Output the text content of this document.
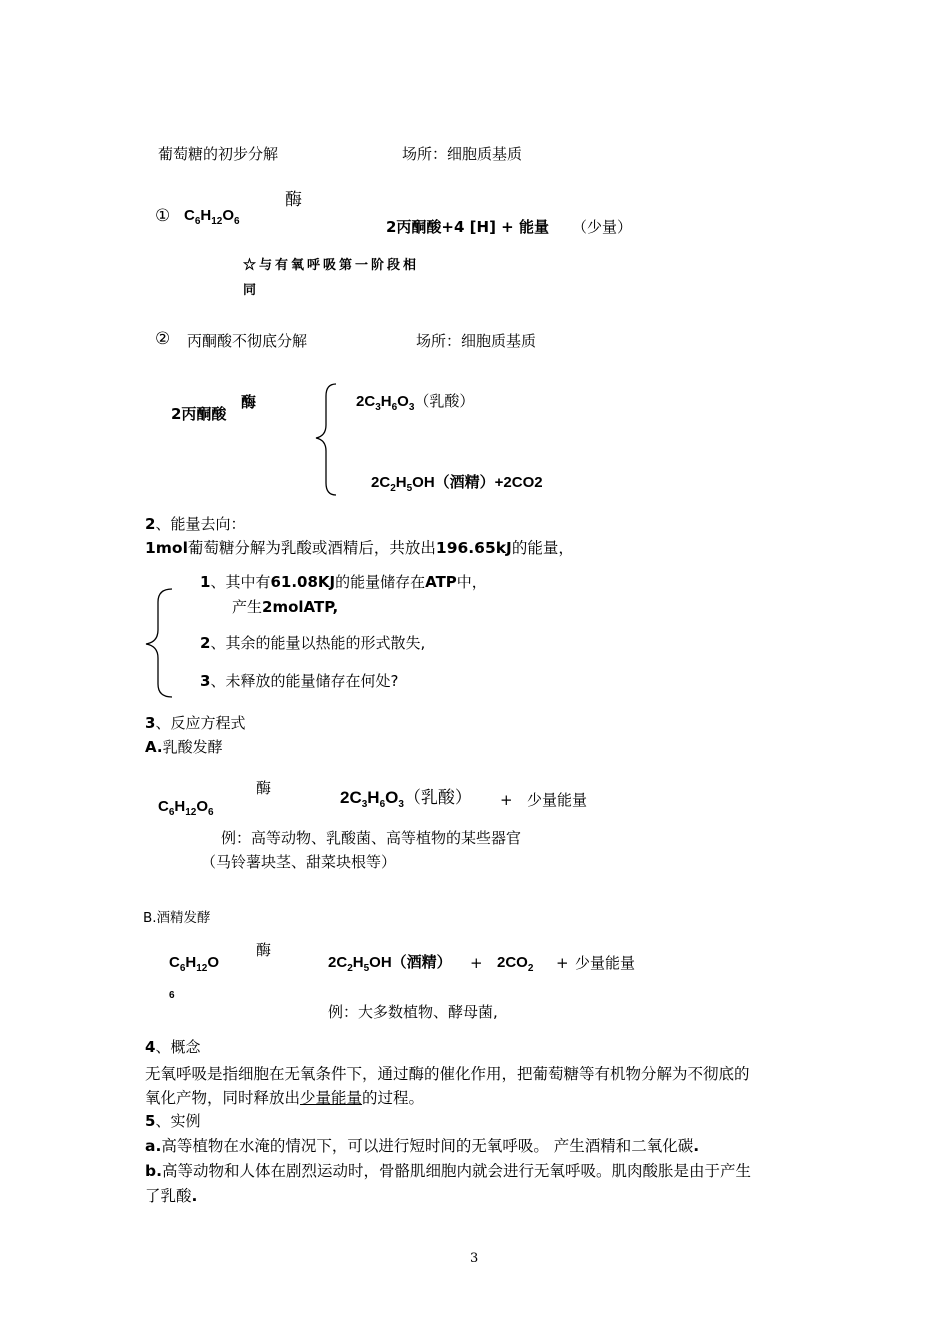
葡萄糖的初步分解	场所：细胞质基质
酶
① $C_6H_{12}O_6$	2丙酮酸+4 [H] + 能量 （少量）
☆与有氧呼吸第一阶段相
同
② 丙酮酸不彻底分解	场所：细胞质基质
酶
2丙酮酸
$2C_3H_6O_3$（乳酸）
$2C_2H_5OH$（酒精）+2CO2
2、能量去向：
1mol葡萄糖分解为乳酸或酒精后，共放出196.65kJ的能量，
1、其中有61.08KJ的能量储存在ATP中，
产生2molATP,
2、其余的能量以热能的形式散失,
3、未释放的能量储存在何处?
3、反应方程式
A.乳酸发酵
酶
$C_6H_{12}O_6$
$2C_3H_6O_3$（乳酸） + 少量能量
例：高等动物、乳酸菌、高等植物的某些器官
（马铃薯块茎、甜菜块根等）
B.酒精发酵
酶
$C_6H_{12}O$
6
$2C_2H_5OH$（酒精） + $2CO_2$ + 少量能量
例：大多数植物、酵母菌,
4、概念
无氧呼吸是指细胞在无氧条件下，通过酶的催化作用，把葡萄糖等有机物分解为不彻底的
氧化产物，同时释放出少量能量的过程。
5、实例
a.高等植物在水淹的情况下，可以进行短时间的无氧呼吸。 产生酒精和二氧化碳.
b.高等动物和人体在剧烈运动时，骨骼肌细胞内就会进行无氧呼吸。肌肉酸胀是由于产生
了乳酸.
3
